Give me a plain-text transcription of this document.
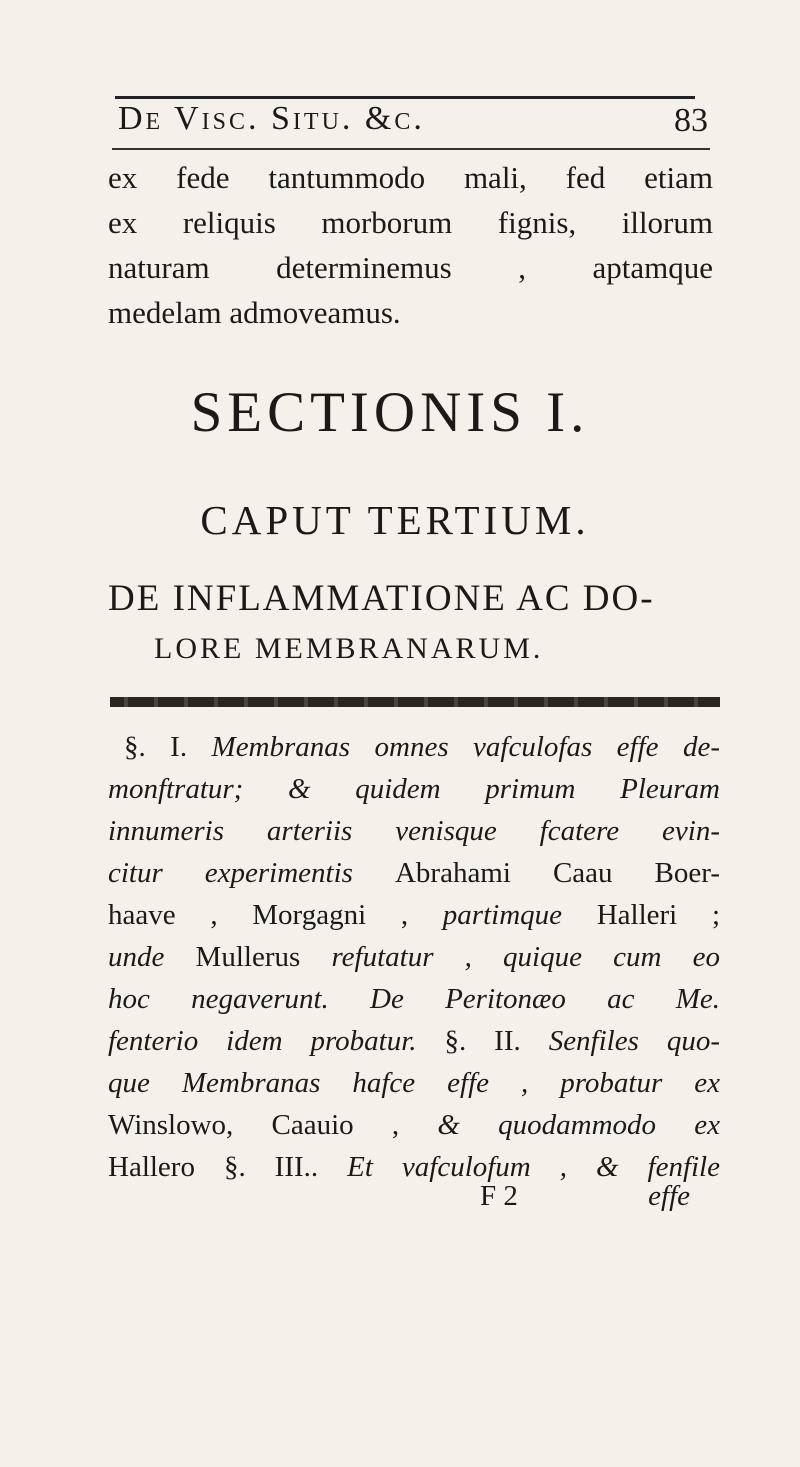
De Visc. Situ. &c.	83
ex fede tantummodo mali, fed etiam
ex reliquis morborum fignis, illorum
naturam determinemus , aptamque
medelam admoveamus.
SECTIONIS I.
CAPUT TERTIUM.
DE INFLAMMATIONE AC DO-
LORE MEMBRANARUM.
§. I. Membranas omnes vafculofas effe de-
monftratur; & quidem primum Pleuram
innumeris arteriis venisque fcatere evin-
citur experimentis Abrahami Caau Boer-
haave , Morgagni , partimque Halleri ;
unde Mullerus refutatur , quique cum eo
hoc negaverunt. De Peritonæo ac Me.
fenterio idem probatur. §. II. Senfiles quo-
que Membranas hafce effe , probatur ex
Winslowo, Caauio , & quodammodo ex
Hallero §. III.. Et vafculofum , & fenfile
F 2	effe
